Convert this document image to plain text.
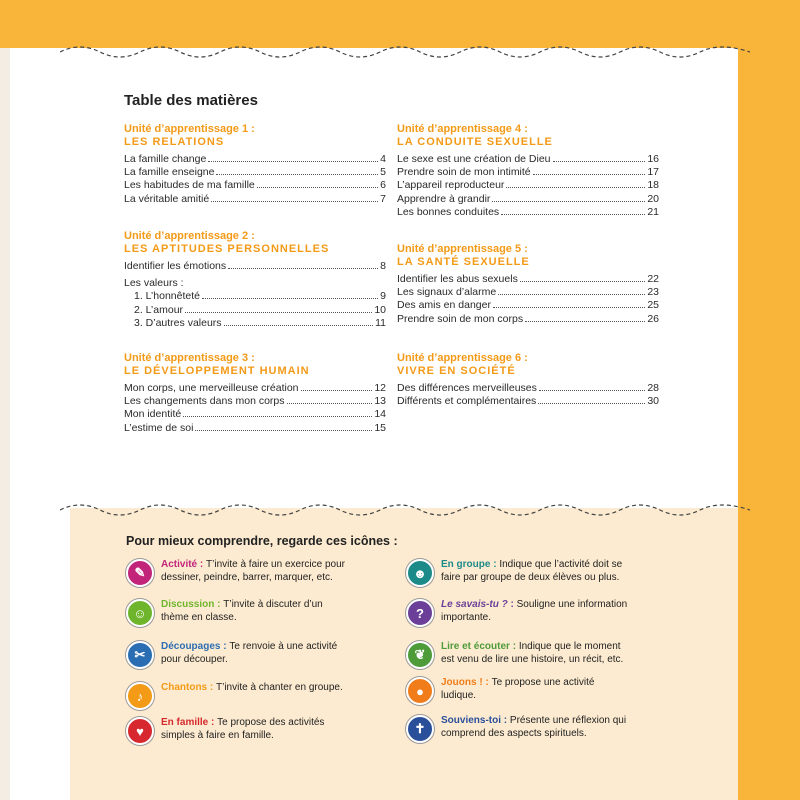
Table des matières
Unité d’apprentissage 1 :
LES RELATIONS
La famille change	4
La famille enseigne	5
Les habitudes de ma famille	6
La véritable amitié	7
Unité d’apprentissage 2 :
LES APTITUDES PERSONNELLES
Identifier les émotions	8
Les valeurs :
1. L’honnêteté	9
2. L’amour	10
3. D’autres valeurs	11
Unité d’apprentissage 3 :
LE DÉVELOPPEMENT HUMAIN
Mon corps, une merveilleuse création	12
Les changements dans mon corps	13
Mon identité	14
L’estime de soi	15
Unité d’apprentissage 4 :
LA CONDUITE SEXUELLE
Le sexe est une création de Dieu	16
Prendre soin de mon intimité	17
L’appareil reproducteur	18
Apprendre à grandir	20
Les bonnes conduites	21
Unité d’apprentissage 5 :
LA SANTÉ SEXUELLE
Identifier les abus sexuels	22
Les signaux d’alarme	23
Des amis en danger	25
Prendre soin de mon corps	26
Unité d’apprentissage 6 :
VIVRE EN SOCIÉTÉ
Des différences merveilleuses	28
Différents et complémentaires	30
Pour mieux comprendre, regarde ces icônes :
✎
Activité : T’invite à faire un exercice pour dessiner, peindre, barrer, marquer, etc.
☺
Discussion : T’invite à discuter d’un thème en classe.
✂
Découpages : Te renvoie à une activité pour découper.
♪
Chantons : T’invite à chanter en groupe.
♥
En famille : Te propose des activités simples à faire en famille.
☻
En groupe : Indique que l’activité doit se faire par groupe de deux élèves ou plus.
?
Le savais-tu ? : Souligne une information importante.
❦
Lire et écouter : Indique que le moment est venu de lire une histoire, un récit, etc.
●
Jouons ! : Te propose une activité ludique.
✝
Souviens-toi : Présente une réflexion qui comprend des aspects spirituels.
